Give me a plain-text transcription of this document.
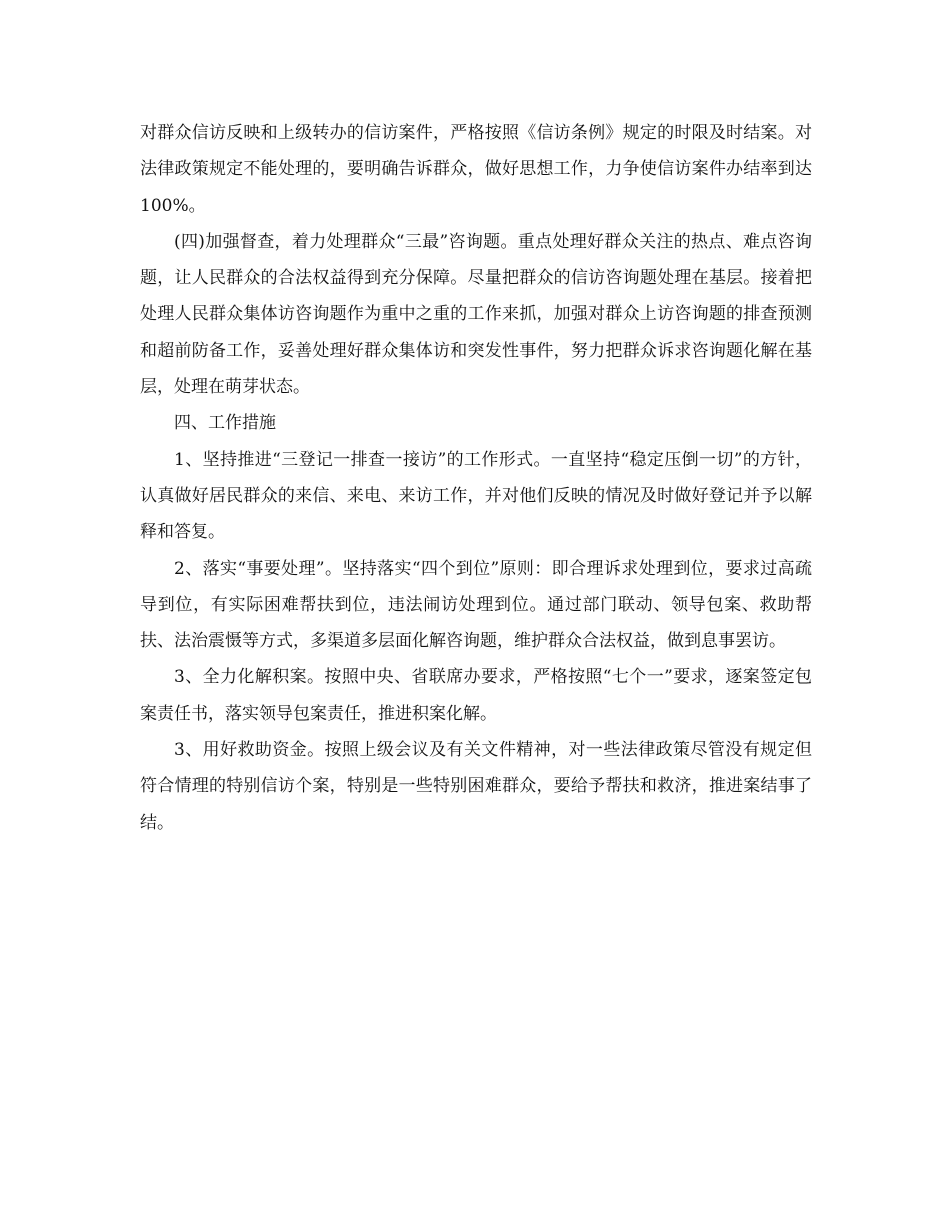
对群众信访反映和上级转办的信访案件，严格按照《信访条例》规定的时限及时结案。对法律政策规定不能处理的，要明确告诉群众，做好思想工作，力争使信访案件办结率到达100%。

(四)加强督查，着力处理群众“三最”咨询题。重点处理好群众关注的热点、难点咨询题，让人民群众的合法权益得到充分保障。尽量把群众的信访咨询题处理在基层。接着把处理人民群众集体访咨询题作为重中之重的工作来抓，加强对群众上访咨询题的排查预测和超前防备工作，妥善处理好群众集体访和突发性事件，努力把群众诉求咨询题化解在基层，处理在萌芽状态。

四、工作措施

1、坚持推进“三登记一排查一接访”的工作形式。一直坚持“稳定压倒一切”的方针，认真做好居民群众的来信、来电、来访工作，并对他们反映的情况及时做好登记并予以解释和答复。

2、落实“事要处理”。坚持落实“四个到位”原则：即合理诉求处理到位，要求过高疏导到位，有实际困难帮扶到位，违法闹访处理到位。通过部门联动、领导包案、救助帮扶、法治震慑等方式，多渠道多层面化解咨询题，维护群众合法权益，做到息事罢访。

3、全力化解积案。按照中央、省联席办要求，严格按照“七个一”要求，逐案签定包案责任书，落实领导包案责任，推进积案化解。

3、用好救助资金。按照上级会议及有关文件精神，对一些法律政策尽管没有规定但符合情理的特别信访个案，特别是一些特别困难群众，要给予帮扶和救济，推进案结事了结。
